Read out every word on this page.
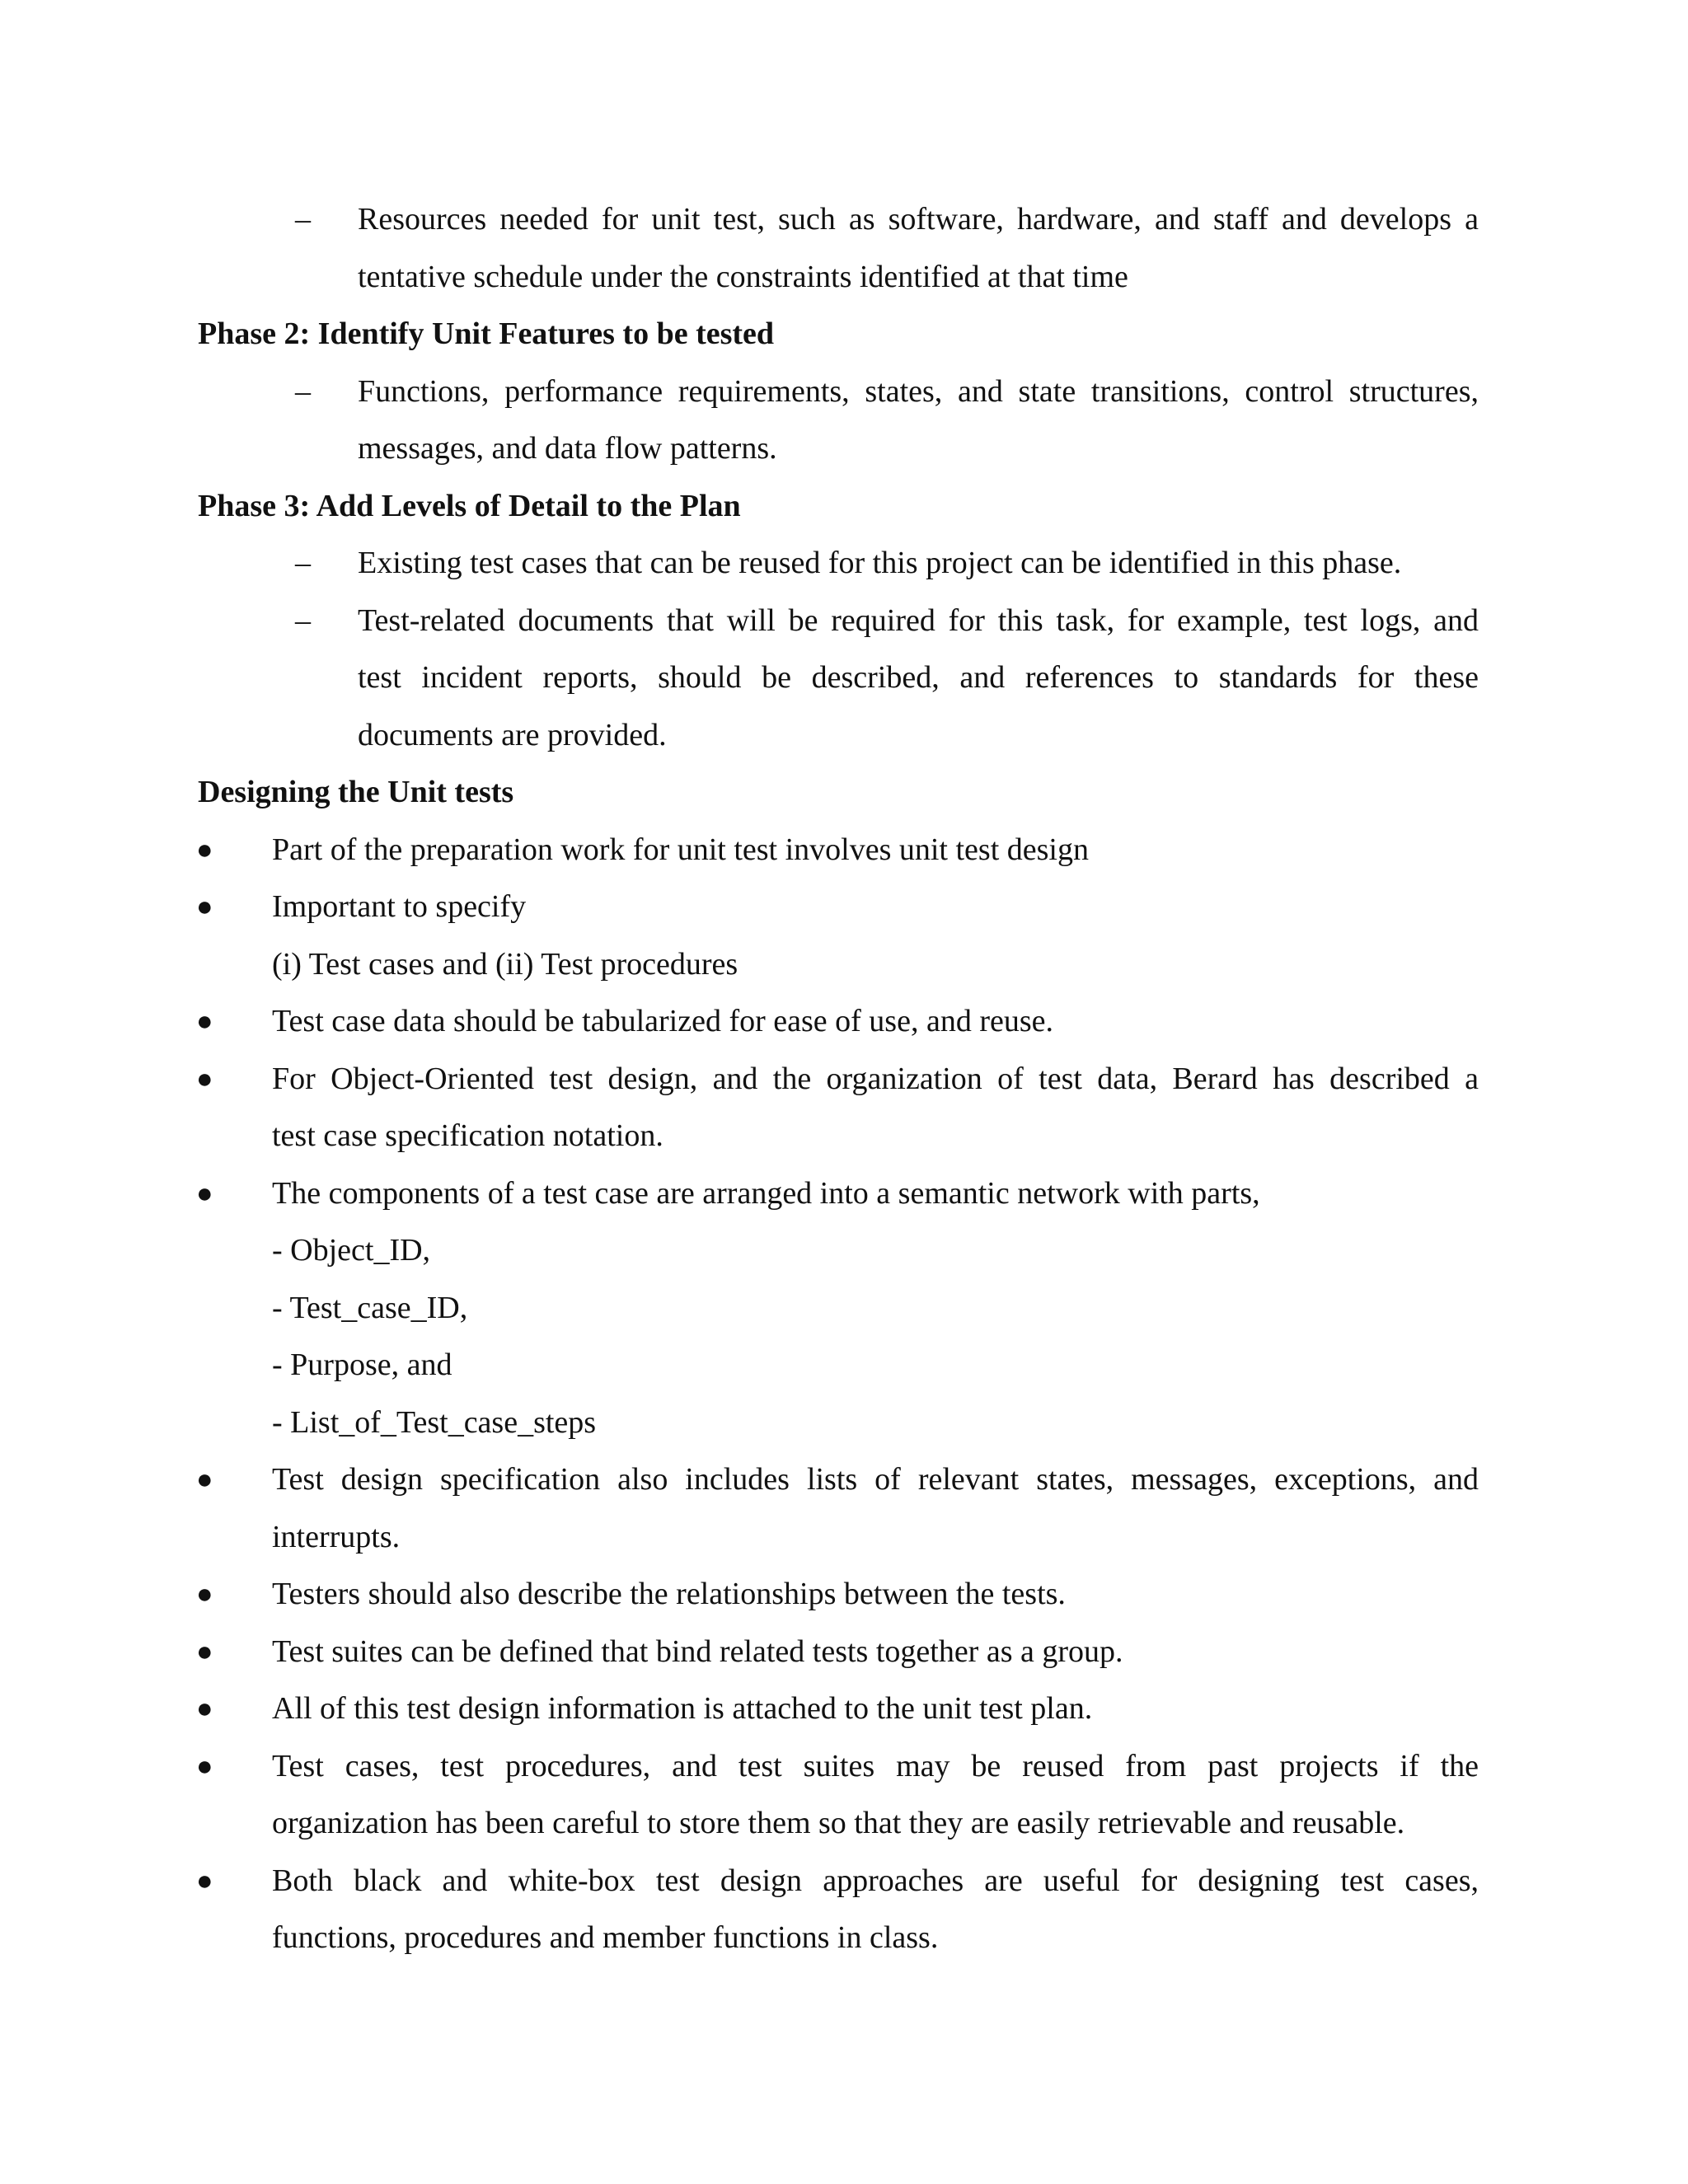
– Resources needed for unit test, such as software, hardware, and staff and develops a
tentative schedule under the constraints identified at that time
Phase 2: Identify Unit Features to be tested
– Functions, performance requirements, states, and state transitions, control structures,
messages, and data flow patterns.
Phase 3: Add Levels of Detail to the Plan
– Existing test cases that can be reused for this project can be identified in this phase.
– Test-related documents that will be required for this task, for example, test logs, and
test incident reports, should be described, and references to standards for these
documents are provided.
Designing the Unit tests
● Part of the preparation work for unit test involves unit test design
● Important to specify
(i) Test cases and (ii) Test procedures
● Test case data should be tabularized for ease of use, and reuse.
● For Object-Oriented test design, and the organization of test data, Berard has described a
test case specification notation.
● The components of a test case are arranged into a semantic network with parts,
- Object_ID,
- Test_case_ID,
- Purpose, and
- List_of_Test_case_steps
● Test design specification also includes lists of relevant states, messages, exceptions, and
interrupts.
● Testers should also describe the relationships between the tests.
● Test suites can be defined that bind related tests together as a group.
● All of this test design information is attached to the unit test plan.
● Test cases, test procedures, and test suites may be reused from past projects if the
organization has been careful to store them so that they are easily retrievable and reusable.
● Both black and white-box test design approaches are useful for designing test cases,
functions, procedures and member functions in class.
